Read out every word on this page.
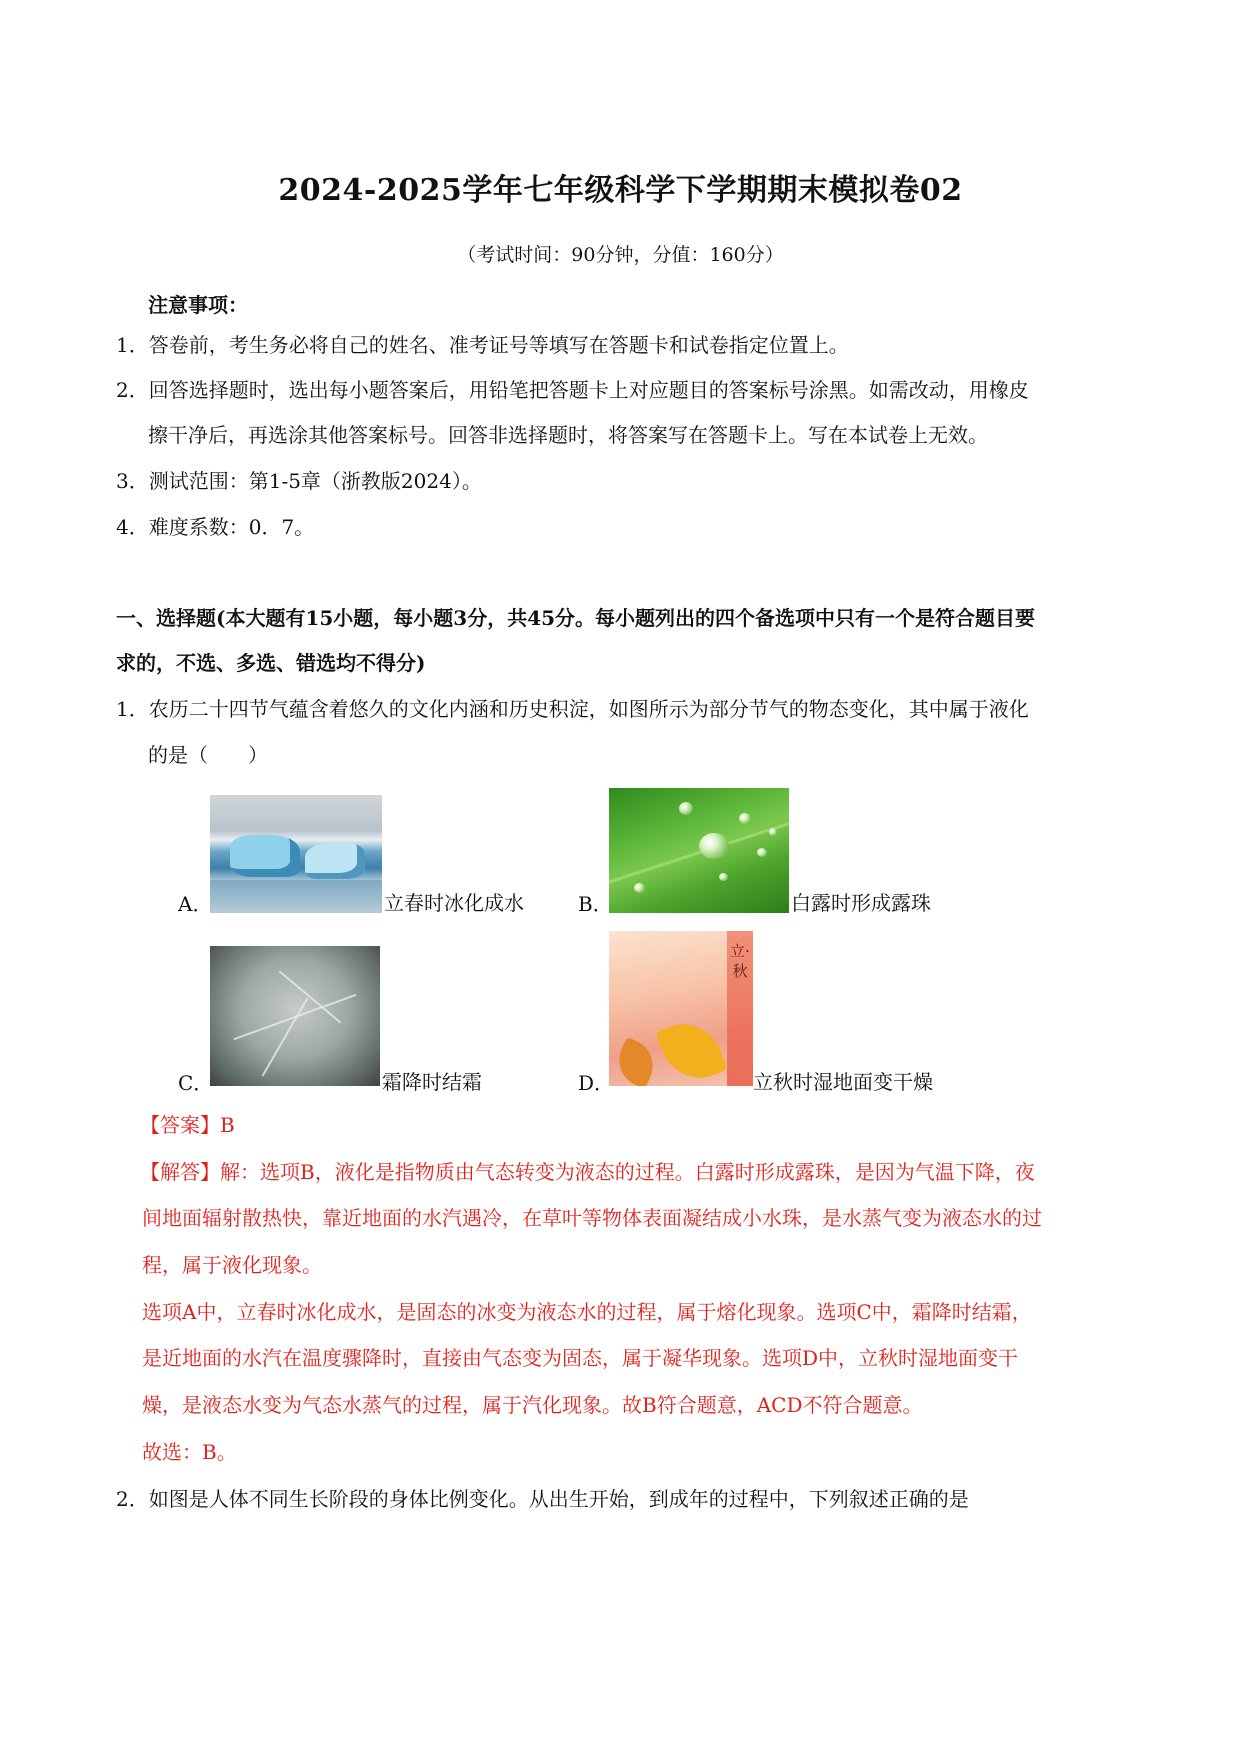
2024-2025学年七年级科学下学期期末模拟卷02
（考试时间：90分钟，分值：160分）
注意事项：
1．答卷前，考生务必将自己的姓名、准考证号等填写在答题卡和试卷指定位置上。
2．回答选择题时，选出每小题答案后，用铅笔把答题卡上对应题目的答案标号涂黑。如需改动，用橡皮
擦干净后，再选涂其他答案标号。回答非选择题时，将答案写在答题卡上。写在本试卷上无效。
3．测试范围：第1-5章（浙教版2024）。
4．难度系数：0．7。
一、选择题(本大题有15小题，每小题3分，共45分。每小题列出的四个备选项中只有一个是符合题目要
求的，不选、多选、错选均不得分)
1．农历二十四节气蕴含着悠久的文化内涵和历史积淀，如图所示为部分节气的物态变化，其中属于液化
的是（　　）
A．	立春时冰化成水	B．	白露时形成露珠
C．	霜降时结霜
立·秋
D．	立秋时湿地面变干燥
【答案】B
【解答】解：选项B，液化是指物质由气态转变为液态的过程。白露时形成露珠，是因为气温下降，夜
间地面辐射散热快，靠近地面的水汽遇冷，在草叶等物体表面凝结成小水珠，是水蒸气变为液态水的过
程，属于液化现象。
选项A中，立春时冰化成水，是固态的冰变为液态水的过程，属于熔化现象。选项C中，霜降时结霜，
是近地面的水汽在温度骤降时，直接由气态变为固态，属于凝华现象。选项D中，立秋时湿地面变干
燥，是液态水变为气态水蒸气的过程，属于汽化现象。故B符合题意，ACD不符合题意。
故选：B。
2．如图是人体不同生长阶段的身体比例变化。从出生开始，到成年的过程中，下列叙述正确的是
